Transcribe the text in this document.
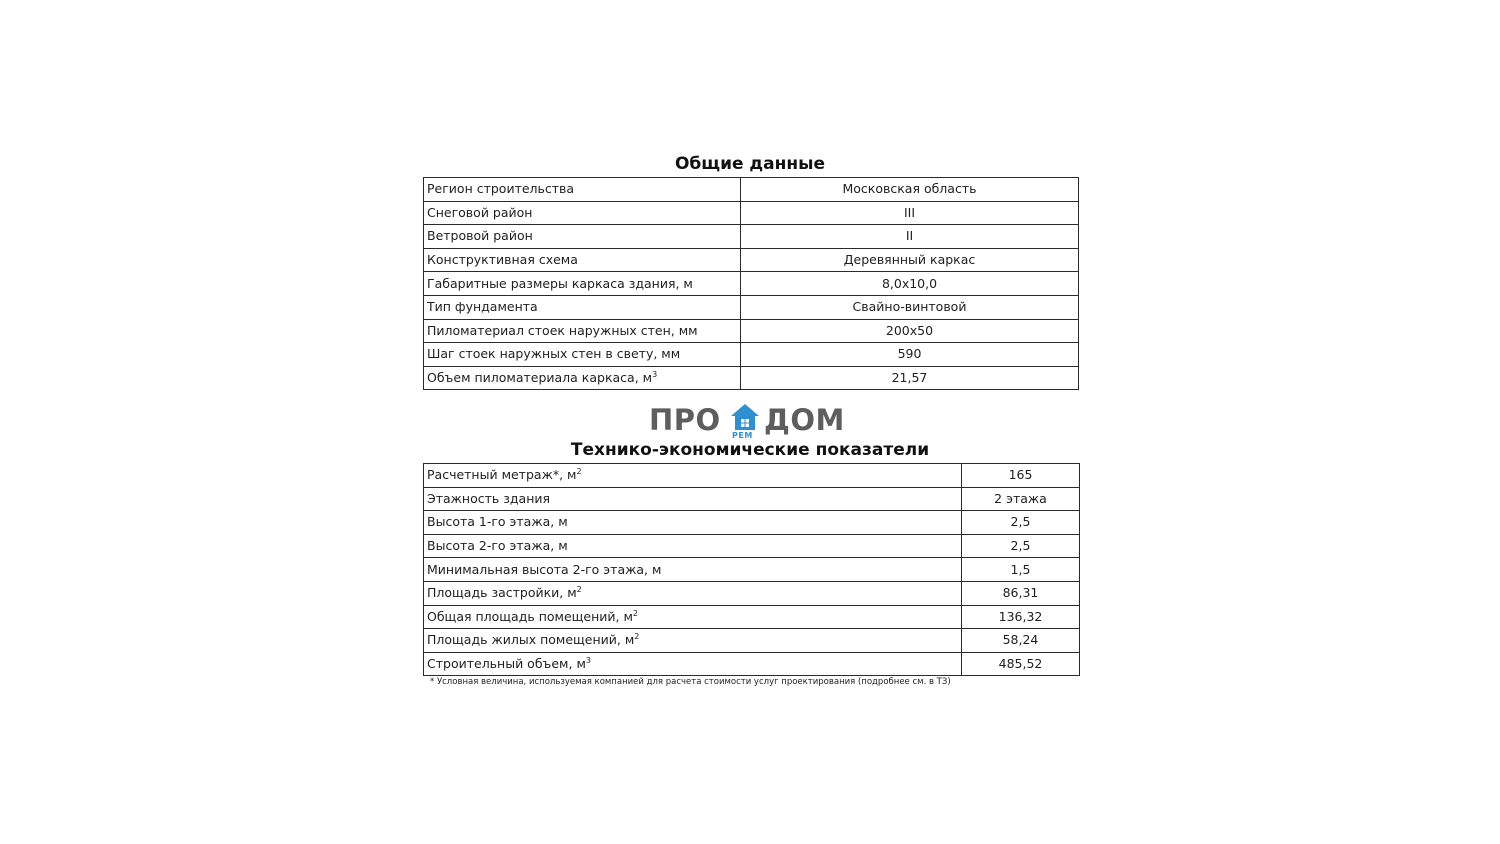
Общие данные
Регион строительства	Московская область
Снеговой район	III
Ветровой район	II
Конструктивная схема	Деревянный каркас
Габаритные размеры каркаса здания, м	8,0х10,0
Тип фундамента	Свайно-винтовой
Пиломатериал стоек наружных стен, мм	200х50
Шаг стоек наружных стен в свету, мм	590
Объем пиломатериала каркаса, $м^3$	21,57
ПРО РЕМ ДОМ
Технико-экономические показатели
Расчетный метраж*, $м^2$	165
Этажность здания	2 этажа
Высота 1-го этажа, м	2,5
Высота 2-го этажа, м	2,5
Минимальная высота 2-го этажа, м	1,5
Площадь застройки, $м^2$	86,31
Общая площадь помещений, $м^2$	136,32
Площадь жилых помещений, $м^2$	58,24
Строительный объем, $м^3$	485,52
* Условная величина, используемая компанией для расчета стоимости услуг проектирования (подробнее см. в ТЗ)
